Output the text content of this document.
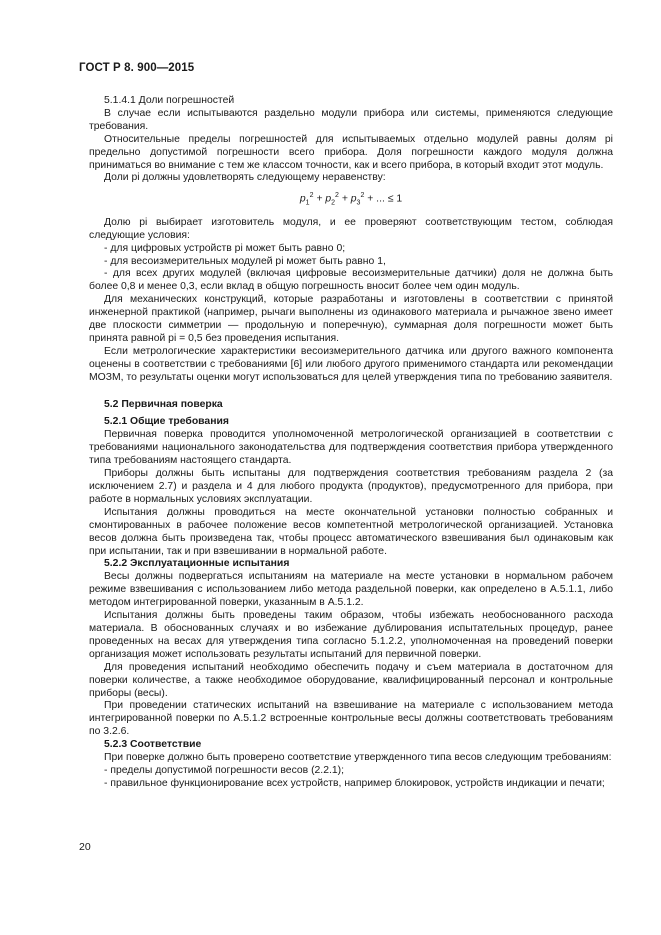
ГОСТ Р 8. 900—2015

5.1.4.1 Доли погрешностей

В случае если испытываются раздельно модули прибора или системы, применяются следующие требования.

Относительные пределы погрешностей для испытываемых отдельно модулей равны долям pi предельно допустимой погрешности всего прибора. Доля погрешности каждого модуля должна приниматься во внимание с тем же классом точности, как и всего прибора, в который входит этот модуль.

Доли pi должны удовлетворять следующему неравенству:

$p_1^2 + p_2^2 + p_3^2$ + ... ≤ 1

Долю pi выбирает изготовитель модуля, и ее проверяют соответствующим тестом, соблюдая следующие условия:

- для цифровых устройств pi может быть равно 0;

- для весоизмерительных модулей pi может быть равно 1,

- для всех других модулей (включая цифровые весоизмерительные датчики) доля не должна быть более 0,8 и менее 0,3, если вклад в общую погрешность вносит более чем один модуль.

Для механических конструкций, которые разработаны и изготовлены в соответствии с принятой инженерной практикой (например, рычаги выполнены из одинакового материала и рычажное звено имеет две плоскости симметрии — продольную и поперечную), суммарная доля погрешности может быть принята равной pi = 0,5 без проведения испытания.

Если метрологические характеристики весоизмерительного датчика или другого важного компонента оценены в соответствии с требованиями [6] или любого другого применимого стандарта или рекомендации МОЗМ, то результаты оценки могут использоваться для целей утверждения типа по требованию заявителя.

5.2 Первичная поверка

5.2.1 Общие требования

Первичная поверка проводится уполномоченной метрологической организацией в соответствии с требованиями национального законодательства для подтверждения соответствия прибора утвержденного типа требованиям настоящего стандарта.

Приборы должны быть испытаны для подтверждения соответствия требованиям раздела 2 (за исключением 2.7) и раздела и 4 для любого продукта (продуктов), предусмотренного для прибора, при работе в нормальных условиях эксплуатации.

Испытания должны проводиться на месте окончательной установки полностью собранных и смонтированных в рабочее положение весов компетентной метрологической организацией. Установка весов должна быть произведена так, чтобы процесс автоматического взвешивания был одинаковым как при испытании, так и при взвешивании в нормальной работе.

5.2.2 Эксплуатационные испытания

Весы должны подвергаться испытаниям на материале на месте установки в нормальном рабочем режиме взвешивания с использованием либо метода раздельной поверки, как определено в А.5.1.1, либо методом интегрированной поверки, указанным в А.5.1.2.

Испытания должны быть проведены таким образом, чтобы избежать необоснованного расхода материала. В обоснованных случаях и во избежание дублирования испытательных процедур, ранее проведенных на весах для утверждения типа согласно 5.1.2.2, уполномоченная на проведений поверки организация может использовать результаты испытаний для первичной поверки.

Для проведения испытаний необходимо обеспечить подачу и съем материала в достаточном для поверки количестве, а также необходимое оборудование, квалифицированный персонал и контрольные приборы (весы).

При проведении статических испытаний на взвешивание на материале с использованием метода интегрированной поверки по А.5.1.2 встроенные контрольные весы должны соответствовать требованиям по 3.2.6.

5.2.3 Соответствие

При поверке должно быть проверено соответствие утвержденного типа весов следующим требованиям:

- пределы допустимой погрешности весов (2.2.1);

- правильное функционирование всех устройств, например блокировок, устройств индикации и печати;

20
